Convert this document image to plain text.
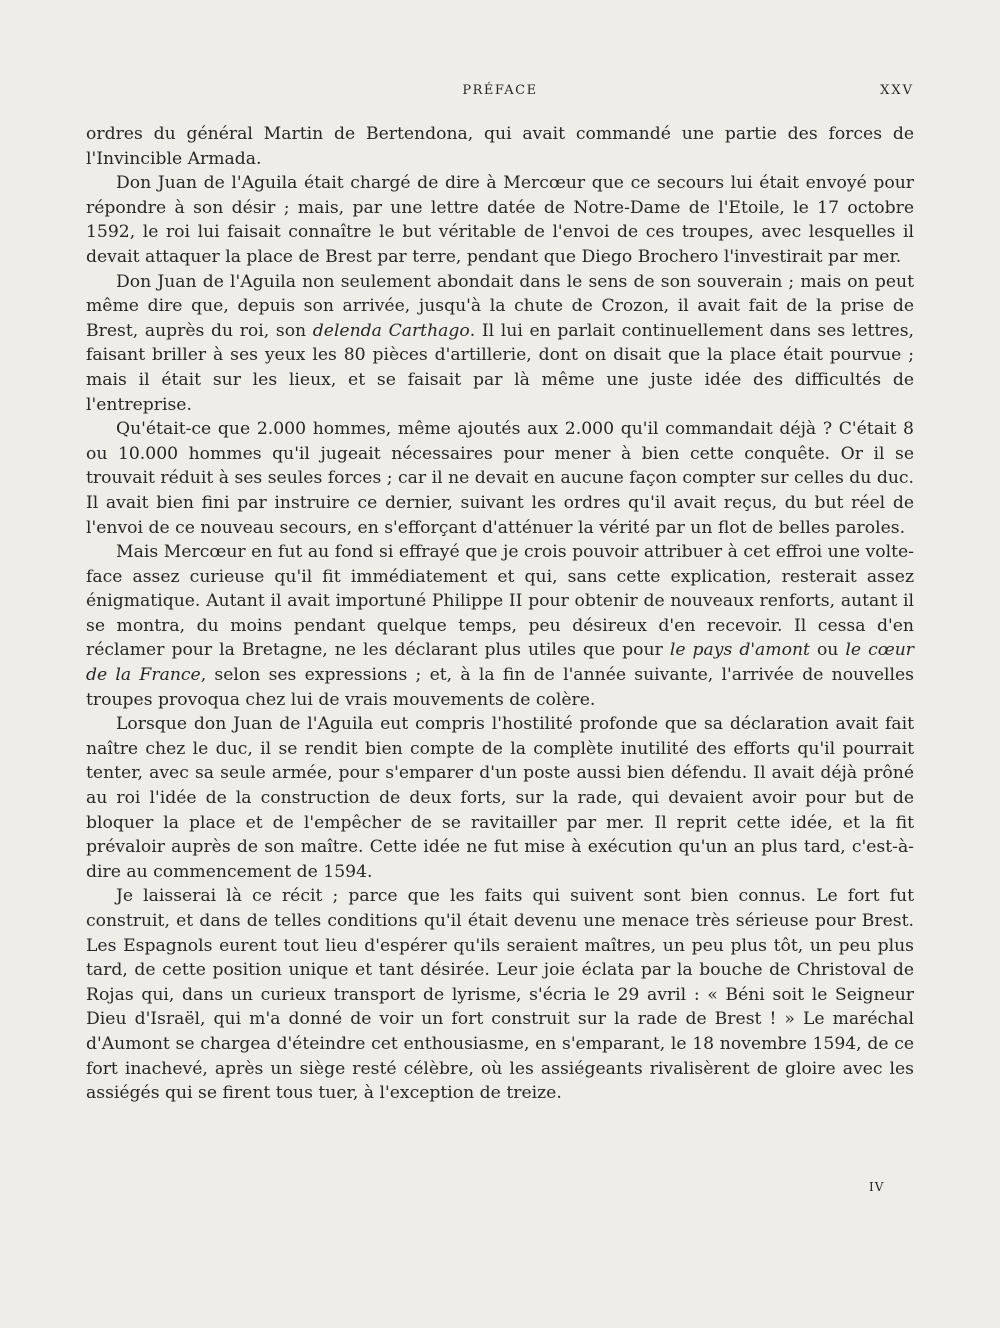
PRÉFACE	XXV

ordres du général Martin de Bertendona, qui avait commandé une partie des forces de l'Invincible Armada.

Don Juan de l'Aguila était chargé de dire à Mercœur que ce secours lui était envoyé pour répondre à son désir ; mais, par une lettre datée de Notre-Dame de l'Etoile, le 17 octobre 1592, le roi lui faisait connaître le but véritable de l'envoi de ces troupes, avec lesquelles il devait attaquer la place de Brest par terre, pendant que Diego Brochero l'investirait par mer.

Don Juan de l'Aguila non seulement abondait dans le sens de son souverain ; mais on peut même dire que, depuis son arrivée, jusqu'à la chute de Crozon, il avait fait de la prise de Brest, auprès du roi, son delenda Carthago. Il lui en parlait continuellement dans ses lettres, faisant briller à ses yeux les 80 pièces d'artillerie, dont on disait que la place était pourvue ; mais il était sur les lieux, et se faisait par là même une juste idée des difficultés de l'entreprise.

Qu'était-ce que 2.000 hommes, même ajoutés aux 2.000 qu'il commandait déjà ? C'était 8 ou 10.000 hommes qu'il jugeait nécessaires pour mener à bien cette conquête. Or il se trouvait réduit à ses seules forces ; car il ne devait en aucune façon compter sur celles du duc. Il avait bien fini par instruire ce dernier, suivant les ordres qu'il avait reçus, du but réel de l'envoi de ce nouveau secours, en s'efforçant d'atténuer la vérité par un flot de belles paroles.

Mais Mercœur en fut au fond si effrayé que je crois pouvoir attribuer à cet effroi une volte-face assez curieuse qu'il fit immédiatement et qui, sans cette explication, resterait assez énigmatique. Autant il avait importuné Philippe II pour obtenir de nouveaux renforts, autant il se montra, du moins pendant quelque temps, peu désireux d'en recevoir. Il cessa d'en réclamer pour la Bretagne, ne les déclarant plus utiles que pour le pays d'amont ou le cœur de la France, selon ses expressions ; et, à la fin de l'année suivante, l'arrivée de nouvelles troupes provoqua chez lui de vrais mouvements de colère.

Lorsque don Juan de l'Aguila eut compris l'hostilité profonde que sa déclaration avait fait naître chez le duc, il se rendit bien compte de la complète inutilité des efforts qu'il pourrait tenter, avec sa seule armée, pour s'emparer d'un poste aussi bien défendu. Il avait déjà prôné au roi l'idée de la construction de deux forts, sur la rade, qui devaient avoir pour but de bloquer la place et de l'empêcher de se ravitailler par mer. Il reprit cette idée, et la fit prévaloir auprès de son maître. Cette idée ne fut mise à exécution qu'un an plus tard, c'est-à-dire au commencement de 1594.

Je laisserai là ce récit ; parce que les faits qui suivent sont bien connus. Le fort fut construit, et dans de telles conditions qu'il était devenu une menace très sérieuse pour Brest. Les Espagnols eurent tout lieu d'espérer qu'ils seraient maîtres, un peu plus tôt, un peu plus tard, de cette position unique et tant désirée. Leur joie éclata par la bouche de Christoval de Rojas qui, dans un curieux transport de lyrisme, s'écria le 29 avril : « Béni soit le Seigneur Dieu d'Israël, qui m'a donné de voir un fort construit sur la rade de Brest ! » Le maréchal d'Aumont se chargea d'éteindre cet enthousiasme, en s'emparant, le 18 novembre 1594, de ce fort inachevé, après un siège resté célèbre, où les assiégeants rivalisèrent de gloire avec les assiégés qui se firent tous tuer, à l'exception de treize.

IV
